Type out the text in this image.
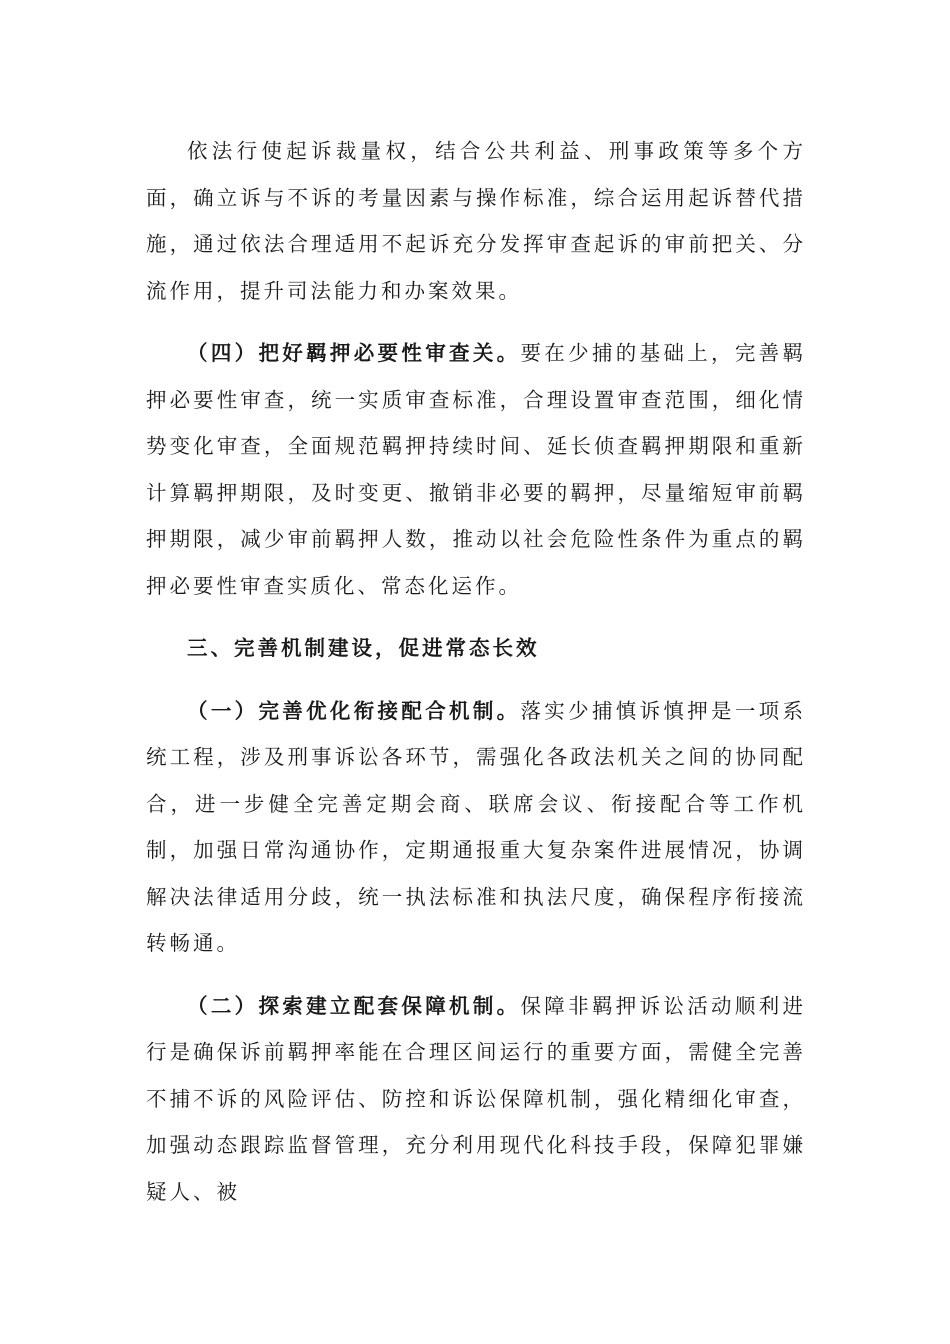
依法行使起诉裁量权，结合公共利益、刑事政策等多个方面，确立诉与不诉的考量因素与操作标准，综合运用起诉替代措施，通过依法合理适用不起诉充分发挥审查起诉的审前把关、分流作用，提升司法能力和办案效果。

（四）把好羁押必要性审查关。要在少捕的基础上，完善羁押必要性审查，统一实质审查标准，合理设置审查范围，细化情势变化审查，全面规范羁押持续时间、延长侦查羁押期限和重新计算羁押期限，及时变更、撤销非必要的羁押，尽量缩短审前羁押期限，减少审前羁押人数，推动以社会危险性条件为重点的羁押必要性审查实质化、常态化运作。

三、完善机制建设，促进常态长效

（一）完善优化衔接配合机制。落实少捕慎诉慎押是一项系统工程，涉及刑事诉讼各环节，需强化各政法机关之间的协同配合，进一步健全完善定期会商、联席会议、衔接配合等工作机制，加强日常沟通协作，定期通报重大复杂案件进展情况，协调解决法律适用分歧，统一执法标准和执法尺度，确保程序衔接流转畅通。

（二）探索建立配套保障机制。保障非羁押诉讼活动顺利进行是确保诉前羁押率能在合理区间运行的重要方面，需健全完善不捕不诉的风险评估、防控和诉讼保障机制，强化精细化审查，加强动态跟踪监督管理，充分利用现代化科技手段，保障犯罪嫌疑人、被
